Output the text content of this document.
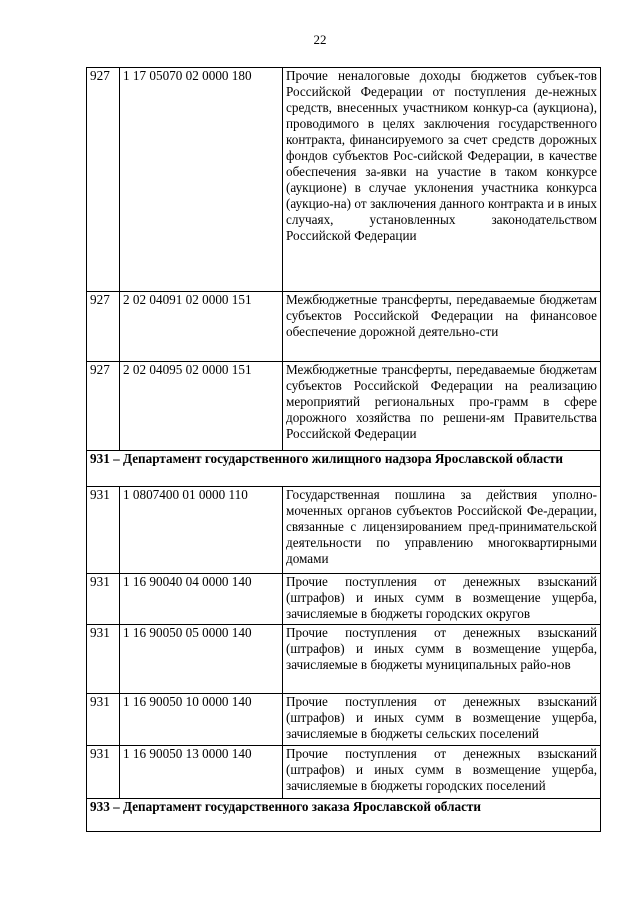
22
927	1 17 05070 02 0000 180	Прочие неналоговые доходы бюджетов субъек-тов Российской Федерации от поступления де-нежных средств, внесенных участником конкур-са (аукциона), проводимого в целях заключения государственного контракта, финансируемого за счет средств дорожных фондов субъектов Рос-сийской Федерации, в качестве обеспечения за-явки на участие в таком конкурсе (аукционе) в случае уклонения участника конкурса (аукцио-на) от заключения данного контракта и в иных случаях, установленных законодательством Российской Федерации
927	2 02 04091 02 0000 151	Межбюджетные трансферты, передаваемые бюджетам субъектов Российской Федерации на финансовое обеспечение дорожной деятельно-сти
927	2 02 04095 02 0000 151	Межбюджетные трансферты, передаваемые бюджетам субъектов Российской Федерации на реализацию мероприятий региональных про-грамм в сфере дорожного хозяйства по решени-ям Правительства Российской Федерации
931 – Департамент государственного жилищного надзора Ярославской области		
931	1 0807400 01 0000 110	Государственная пошлина за действия уполно-моченных органов субъектов Российской Фе-дерации, связанные с лицензированием пред-принимательской деятельности по управлению многоквартирными домами
931	1 16 90040 04 0000 140	Прочие поступления от денежных взысканий (штрафов) и иных сумм в возмещение ущерба, зачисляемые в бюджеты городских округов
931	1 16 90050 05 0000 140	Прочие поступления от денежных взысканий (штрафов) и иных сумм в возмещение ущерба, зачисляемые в бюджеты муниципальных райо-нов
931	1 16 90050 10 0000 140	Прочие поступления от денежных взысканий (штрафов) и иных сумм в возмещение ущерба, зачисляемые в бюджеты сельских поселений
931	1 16 90050 13 0000 140	Прочие поступления от денежных взысканий (штрафов) и иных сумм в возмещение ущерба, зачисляемые в бюджеты городских поселений
933 – Департамент государственного заказа Ярославской области		
